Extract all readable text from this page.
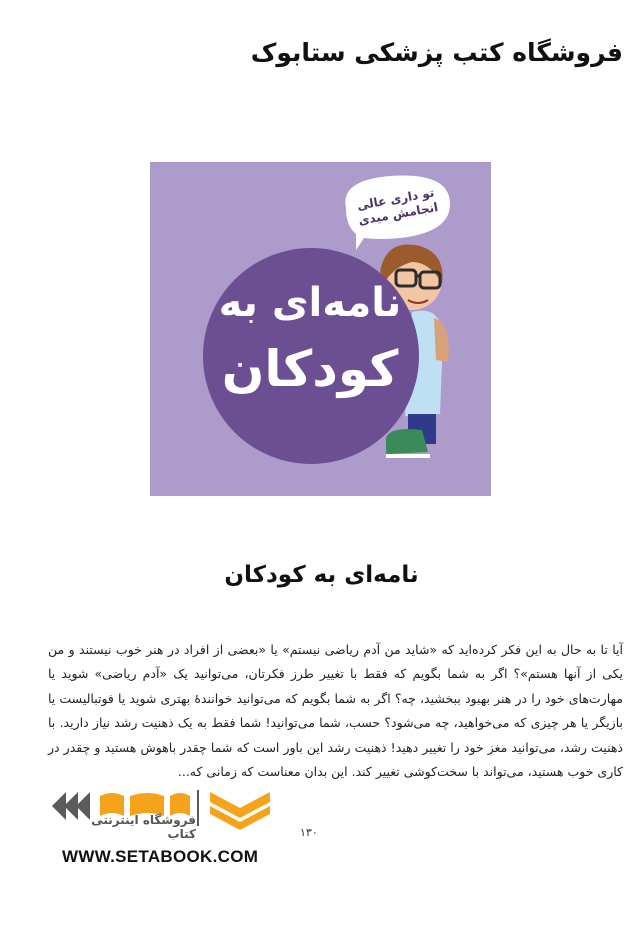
فروشگاه کتب پزشکی ستابوک
تو داری عالی انجامش میدی
نامه‌ای به
کودکان
نامه‌ای به کودکان

آیا تا به حال به این فکر کرده‌اید که «شاید من آدم ریاضی نیستم» یا «بعضی از افراد در هنر خوب نیستند و من یکی از آنها هستم»؟ اگر به شما بگویم که فقط با تغییر طرز فکرتان، می‌توانید یک «آدم ریاضی» شوید یا مهارت‌های خود را در هنر بهبود ببخشید، چه؟ اگر به شما بگویم که می‌توانید خوانندهٔ بهتری شوید یا فوتبالیست یا بازیگر یا هر چیزی که می‌خواهید، چه می‌شود؟ حسب، شما می‌توانید! شما فقط به یک ذهنیت رشد نیاز دارید. با ذهنیت رشد، می‌توانید مغز خود را تغییر دهید! ذهنیت رشد این باور است که شما چقدر باهوش هستید و چقدر در کاری خوب هستید، می‌تواند با سخت‌کوشی تغییر کند. این بدان معناست که زمانی که...

۱۳۰
فروشگاه اینترنتی کتاب
WWW.SETABOOK.COM
